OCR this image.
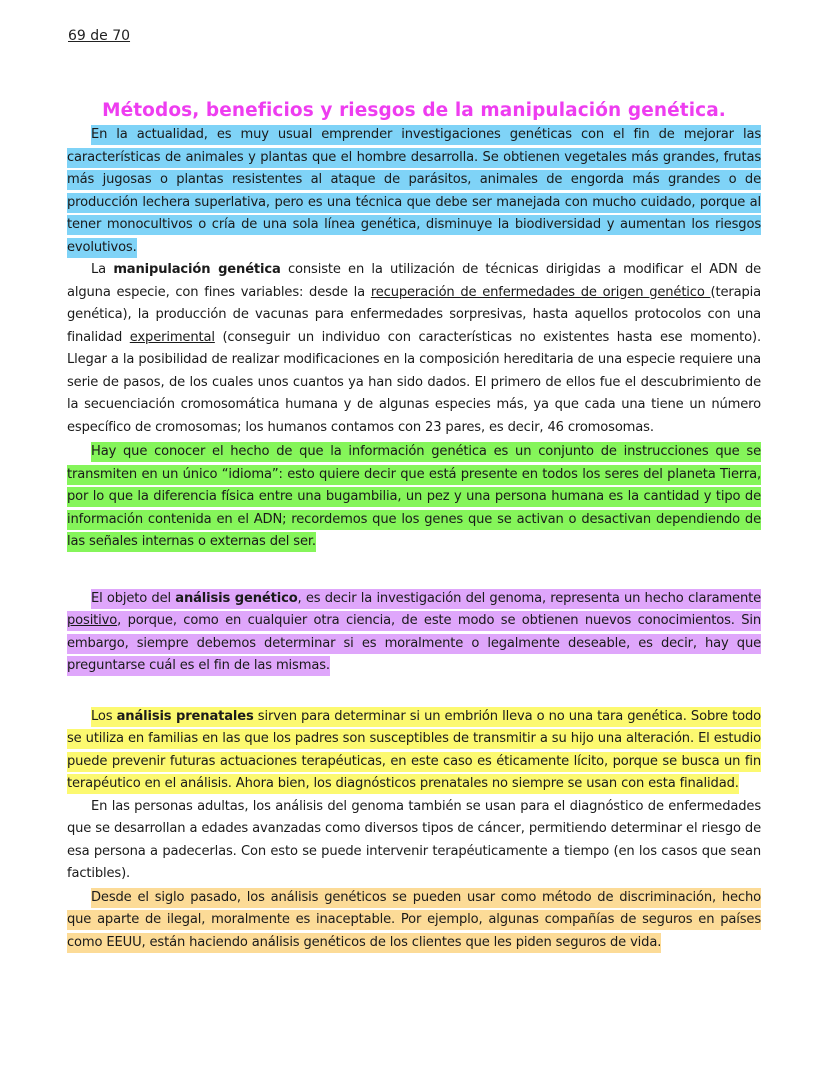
69 de 70
Métodos, beneficios y riesgos de la manipulación genética.

En la actualidad, es muy usual emprender investigaciones genéticas con el fin de mejorar las características de animales y plantas que el hombre desarrolla. Se obtienen vegetales más grandes, frutas más jugosas o plantas resistentes al ataque de parásitos, animales de engorda más grandes o de producción lechera superlativa, pero es una técnica que debe ser manejada con mucho cuidado, porque al tener monocultivos o cría de una sola línea genética, disminuye la biodiversidad y aumentan los riesgos evolutivos.

La manipulación genética consiste en la utilización de técnicas dirigidas a modificar el ADN de alguna especie, con fines variables: desde la recuperación de enfermedades de origen genético (terapia genética), la producción de vacunas para enfermedades sorpresivas, hasta aquellos protocolos con una finalidad experimental (conseguir un individuo con características no existentes hasta ese momento). Llegar a la posibilidad de realizar modificaciones en la composición hereditaria de una especie requiere una serie de pasos, de los cuales unos cuantos ya han sido dados. El primero de ellos fue el descubrimiento de la secuenciación cromosomática humana y de algunas especies más, ya que cada una tiene un número específico de cromosomas; los humanos contamos con 23 pares, es decir, 46 cromosomas.

Hay que conocer el hecho de que la información genética es un conjunto de instrucciones que se transmiten en un único “idioma”: esto quiere decir que está presente en todos los seres del planeta Tierra, por lo que la diferencia física entre una bugambilia, un pez y una persona humana es la cantidad y tipo de información contenida en el ADN; recordemos que los genes que se activan o desactivan dependiendo de las señales internas o externas del ser.

El objeto del análisis genético, es decir la investigación del genoma, representa un hecho claramente positivo, porque, como en cualquier otra ciencia, de este modo se obtienen nuevos conocimientos. Sin embargo, siempre debemos determinar si es moralmente o legalmente deseable, es decir, hay que preguntarse cuál es el fin de las mismas.

Los análisis prenatales sirven para determinar si un embrión lleva o no una tara genética. Sobre todo se utiliza en familias en las que los padres son susceptibles de transmitir a su hijo una alteración. El estudio puede prevenir futuras actuaciones terapéuticas, en este caso es éticamente lícito, porque se busca un fin terapéutico en el análisis. Ahora bien, los diagnósticos prenatales no siempre se usan con esta finalidad.

En las personas adultas, los análisis del genoma también se usan para el diagnóstico de enfermedades que se desarrollan a edades avanzadas como diversos tipos de cáncer, permitiendo determinar el riesgo de esa persona a padecerlas. Con esto se puede intervenir terapéuticamente a tiempo (en los casos que sean factibles).

Desde el siglo pasado, los análisis genéticos se pueden usar como método de discriminación, hecho que aparte de ilegal, moralmente es inaceptable. Por ejemplo, algunas compañías de seguros en países como EEUU, están haciendo análisis genéticos de los clientes que les piden seguros de vida.
